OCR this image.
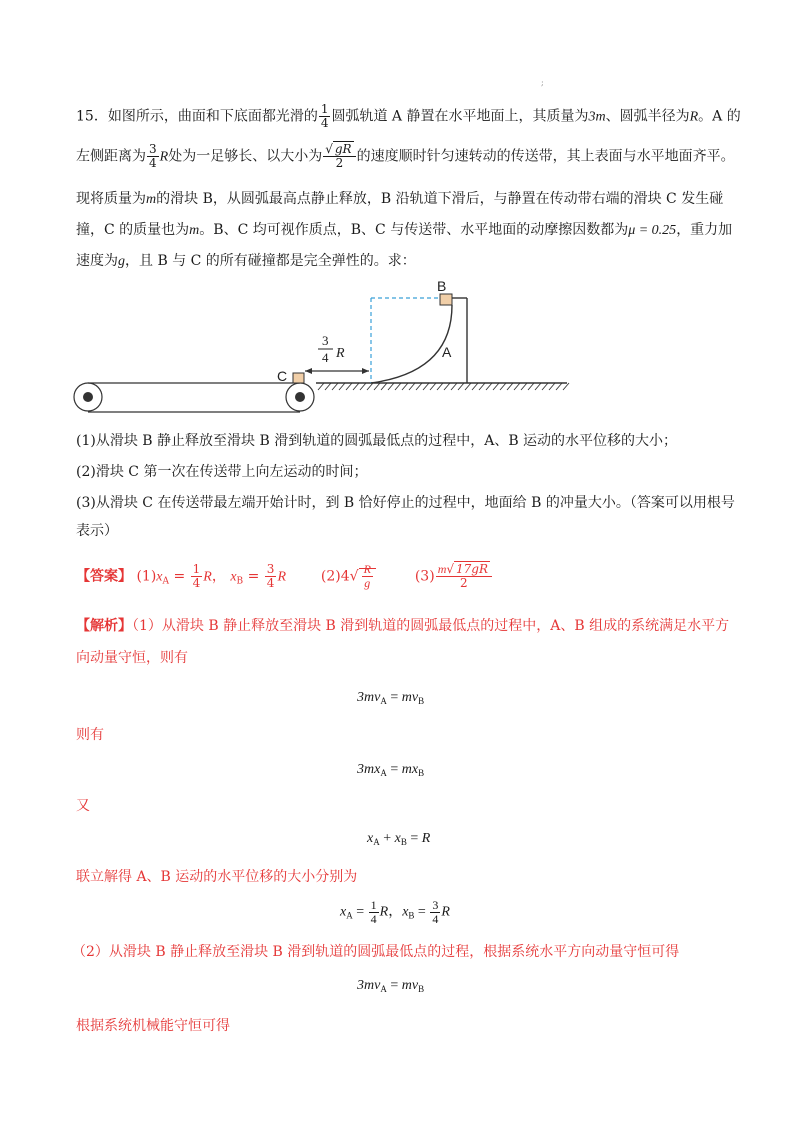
;
15．如图所示，曲面和下底面都光滑的 $\frac{1}{4}$ 圆弧轨道 A 静置在水平地面上，其质量为3m、圆弧半径为R。A 的
左侧距离为 $\frac{3}{4}$ R处为一足够长、以大小为 $\frac{√ gR}{2}$ 的速度顺时针匀速转动的传送带，其上表面与水平地面齐平。
现将质量为m的滑块 B，从圆弧最高点静止释放，B 沿轨道下滑后，与静置在传动带右端的滑块 C 发生碰
撞，C 的质量也为m。B、C 均可视作质点，B、C 与传送带、水平地面的动摩擦因数都为μ = 0.25，重力加
速度为g，且 B 与 C 的所有碰撞都是完全弹性的。求：
B
A
C
3
4 R
(1)从滑块 B 静止释放至滑块 B 滑到轨道的圆弧最低点的过程中，A、B 运动的水平位移的大小；
(2)滑块 C 第一次在传送带上向左运动的时间；
(3)从滑块 C 在传送带最左端开始计时，到 B 恰好停止的过程中，地面给 B 的冲量大小。（答案可以用根号
表示）
【答案】 $(1)x_A = \frac{1}{4}$ R， $x_B = \frac{3}{4}$ R $(2)4√ \frac{R}{g}$	$(3) \frac{m√ 17gR}{2}$
【解析】（1）从滑块 B 静止释放至滑块 B 滑到轨道的圆弧最低点的过程中，A、B 组成的系统满足水平方
向动量守恒，则有
$3mv_A = mv_B$
则有
$3mx_A = mx_B$
又
$x_A + x_B = R$
联立解得 A、B 运动的水平位移的大小分别为
$x_A = \frac{1}{4}$ R，$x_B = \frac{3}{4}$ R
（2）从滑块 B 静止释放至滑块 B 滑到轨道的圆弧最低点的过程，根据系统水平方向动量守恒可得
$3mv_A = mv_B$
根据系统机械能守恒可得
